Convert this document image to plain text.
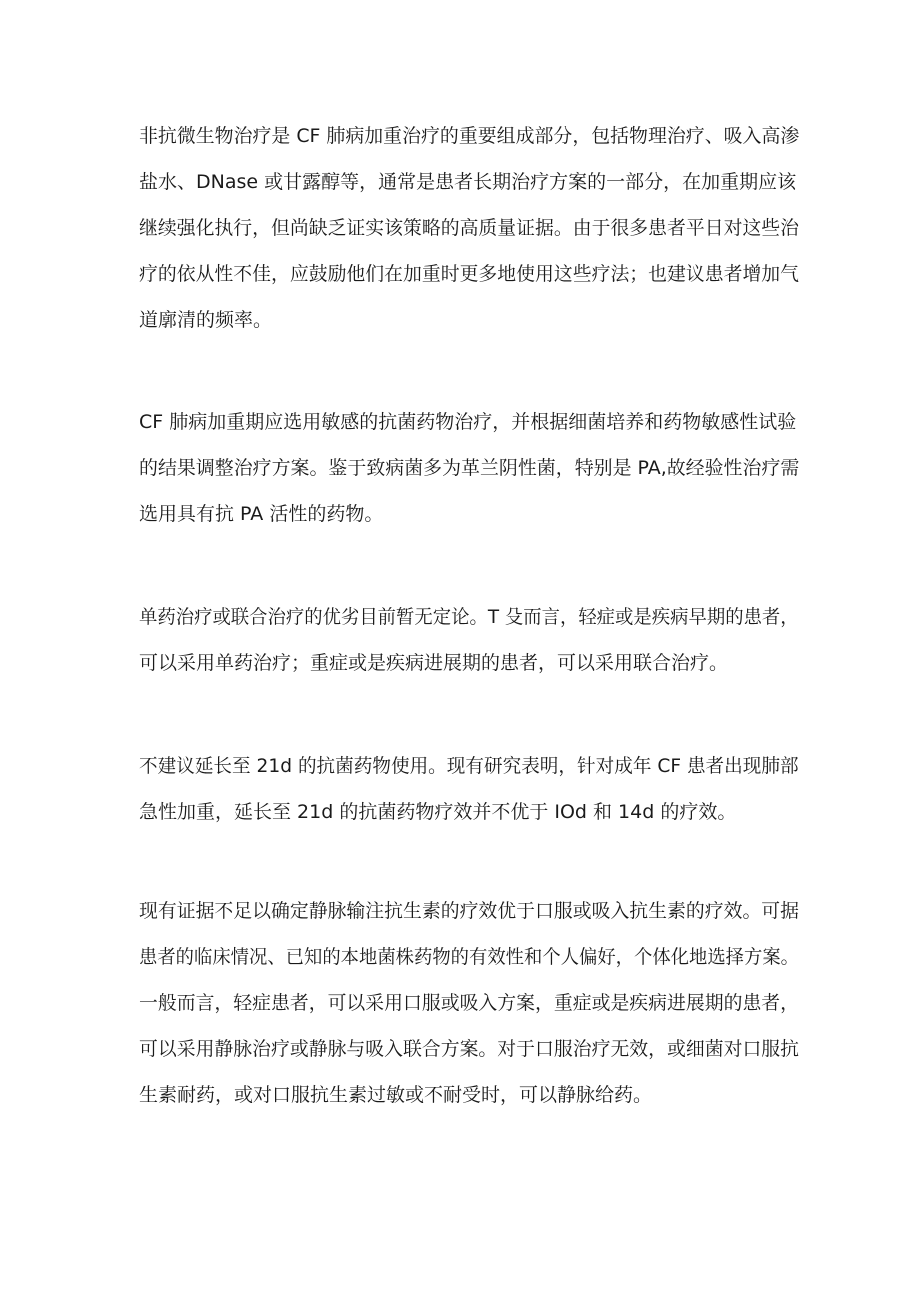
非抗微生物治疗是 CF 肺病加重治疗的重要组成部分，包括物理治疗、吸入高渗
盐水、DNase 或甘露醇等，通常是患者长期治疗方案的一部分，在加重期应该
继续强化执行，但尚缺乏证实该策略的高质量证据。由于很多患者平日对这些治
疗的依从性不佳，应鼓励他们在加重时更多地使用这些疗法；也建议患者增加气
道廓清的频率。
CF 肺病加重期应选用敏感的抗菌药物治疗，并根据细菌培养和药物敏感性试验
的结果调整治疗方案。鉴于致病菌多为革兰阴性菌，特别是 PA,故经验性治疗需
选用具有抗 PA 活性的药物。
单药治疗或联合治疗的优劣目前暂无定论。T 殳而言，轻症或是疾病早期的患者，
可以采用单药治疗；重症或是疾病进展期的患者，可以采用联合治疗。
不建议延长至 21d 的抗菌药物使用。现有研究表明，针对成年 CF 患者出现肺部
急性加重，延长至 21d 的抗菌药物疗效并不优于 IOd 和 14d 的疗效。
现有证据不足以确定静脉输注抗生素的疗效优于口服或吸入抗生素的疗效。可据
患者的临床情况、已知的本地菌株药物的有效性和个人偏好，个体化地选择方案。
一般而言，轻症患者，可以采用口服或吸入方案，重症或是疾病进展期的患者，
可以采用静脉治疗或静脉与吸入联合方案。对于口服治疗无效，或细菌对口服抗
生素耐药，或对口服抗生素过敏或不耐受时，可以静脉给药。
